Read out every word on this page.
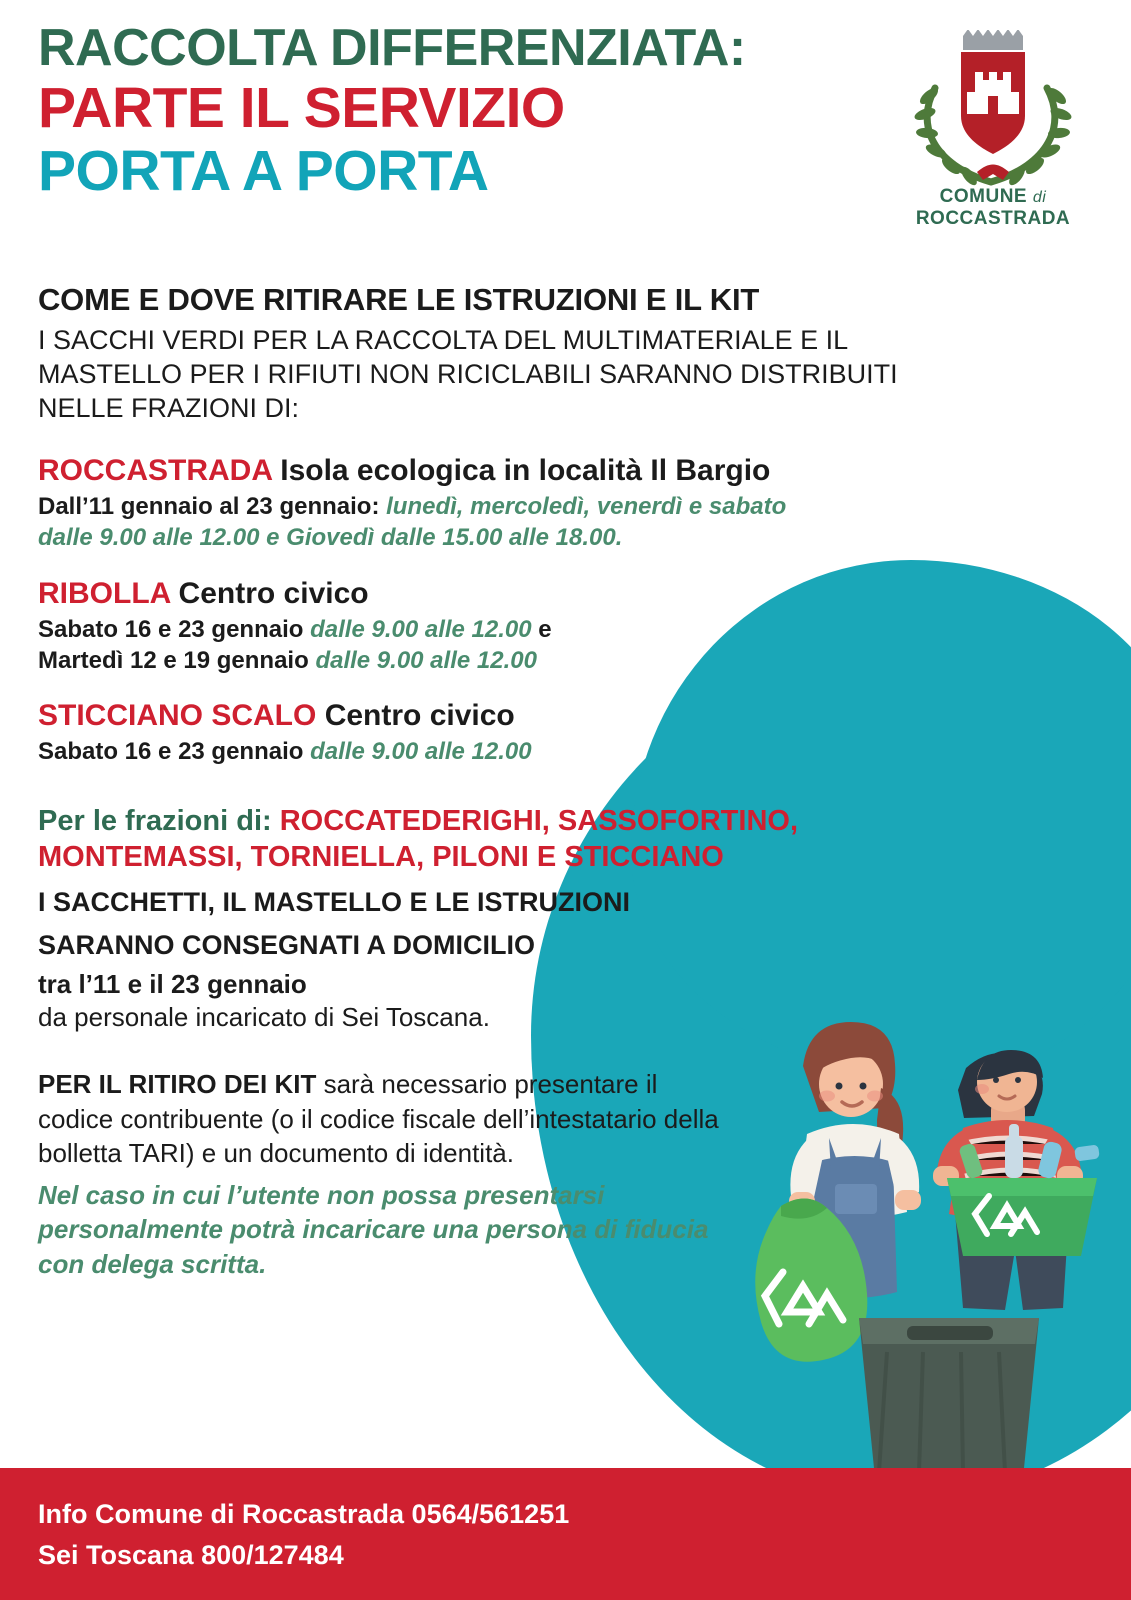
RACCOLTA DIFFERENZIATA:
PARTE IL SERVIZIO
PORTA A PORTA	COMUNE di
ROCCASTRADA
COME E DOVE RITIRARE LE ISTRUZIONI E IL KIT
I SACCHI VERDI PER LA RACCOLTA DEL MULTIMATERIALE E IL MASTELLO PER I RIFIUTI NON RICICLABILI SARANNO DISTRIBUITI NELLE FRAZIONI DI:
ROCCASTRADA Isola ecologica in località Il Bargio
Dall’11 gennaio al 23 gennaio: lunedì, mercoledì, venerdì e sabato
dalle 9.00 alle 12.00 e Giovedì dalle 15.00 alle 18.00.
RIBOLLA Centro civico
Sabato 16 e 23 gennaio dalle 9.00 alle 12.00 e
Martedì 12 e 19 gennaio dalle 9.00 alle 12.00
STICCIANO SCALO Centro civico
Sabato 16 e 23 gennaio dalle 9.00 alle 12.00
Per le frazioni di: ROCCATEDERIGHI, SASSOFORTINO,
MONTEMASSI, TORNIELLA, PILONI E STICCIANO
I SACCHETTI, IL MASTELLO E LE ISTRUZIONI
SARANNO CONSEGNATI A DOMICILIO
tra l’11 e il 23 gennaio
da personale incaricato di Sei Toscana.

PER IL RITIRO DEI KIT sarà necessario presentare il codice contribuente (o il codice fiscale dell’intestatario della bolletta TARI) e un documento di identità.

Nel caso in cui l’utente non possa presentarsi personalmente potrà incaricare una persona di fiducia con delega scritta.

Info Comune di Roccastrada 0564/561251
Sei Toscana 800/127484
